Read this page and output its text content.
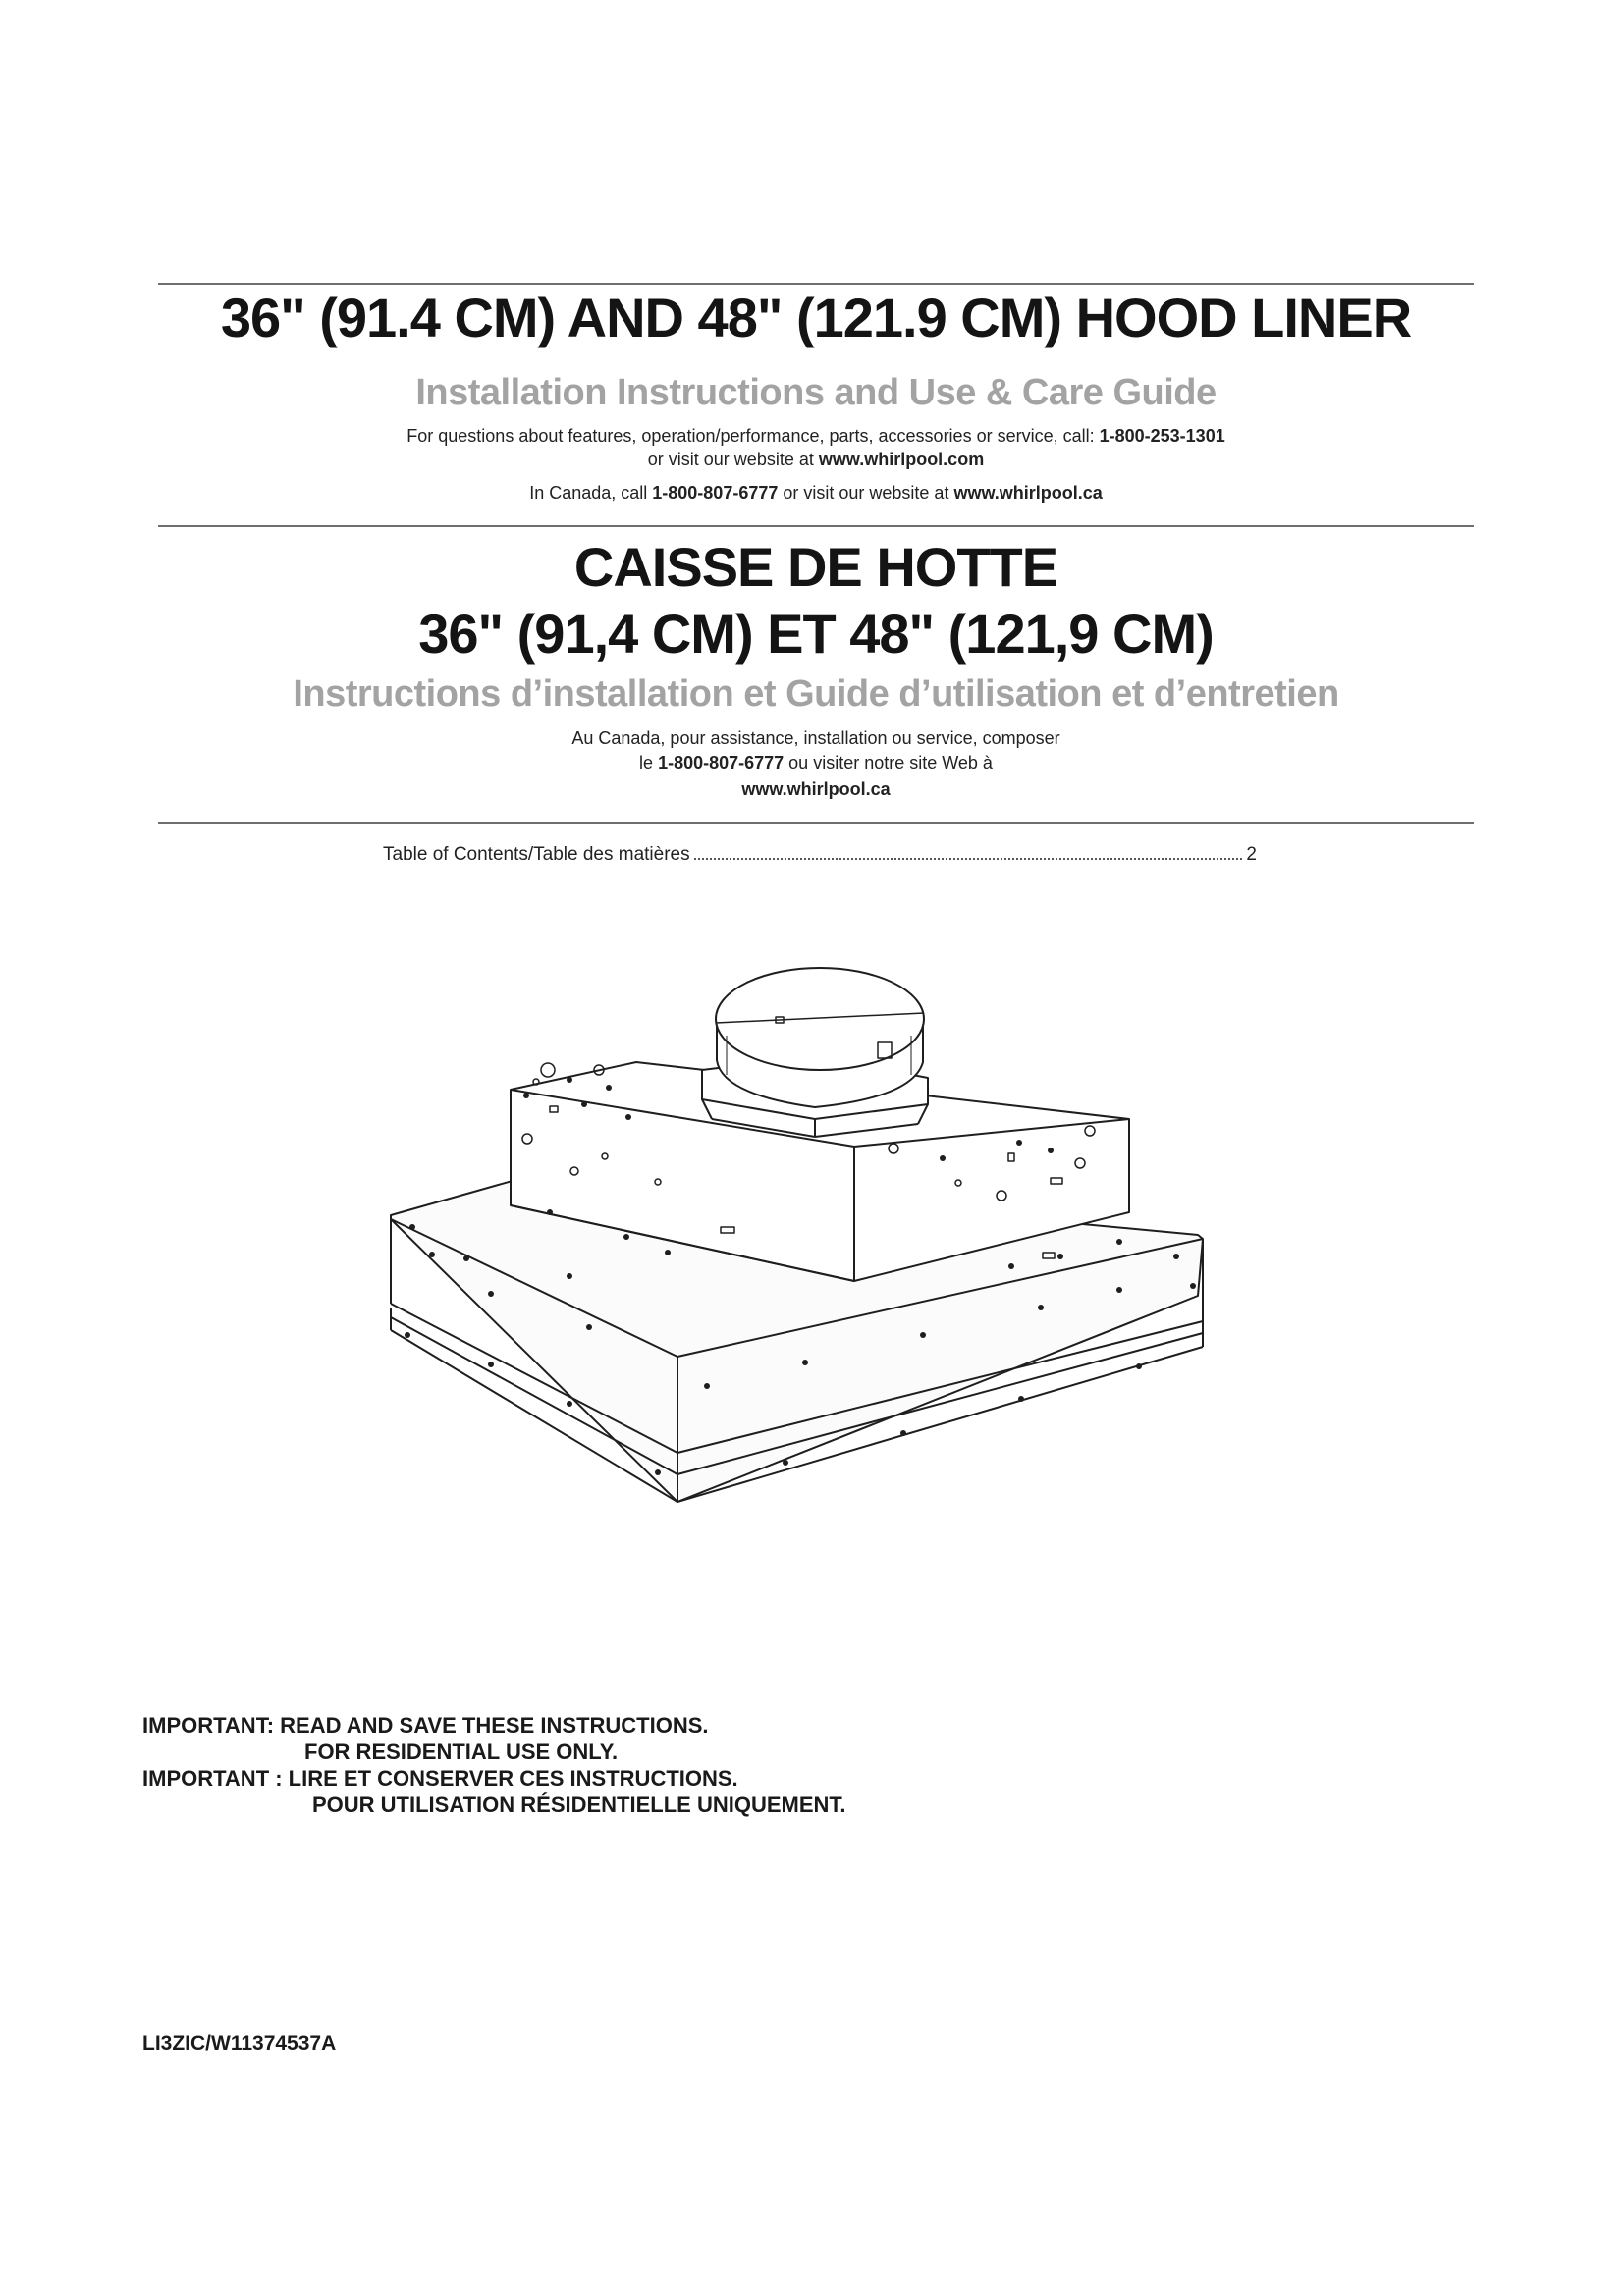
36" (91.4 CM) AND 48" (121.9 CM) HOOD LINER
Installation Instructions and Use & Care Guide
For questions about features, operation/performance, parts, accessories or service, call: 1-800-253-1301
or visit our website at www.whirlpool.com
In Canada, call 1-800-807-6777 or visit our website at www.whirlpool.ca
CAISSE DE HOTTE
36" (91,4 CM) ET 48" (121,9 CM)
Instructions d’installation et Guide d’utilisation et d’entretien
Au Canada, pour assistance, installation ou service, composer
le 1-800-807-6777 ou visiter notre site Web à
www.whirlpool.ca
Table of Contents/Table des matières	2
IMPORTANT: READ AND SAVE THESE INSTRUCTIONS.
FOR RESIDENTIAL USE ONLY.
IMPORTANT : LIRE ET CONSERVER CES INSTRUCTIONS.
POUR UTILISATION RÉSIDENTIELLE UNIQUEMENT.
LI3ZIC/W11374537A
